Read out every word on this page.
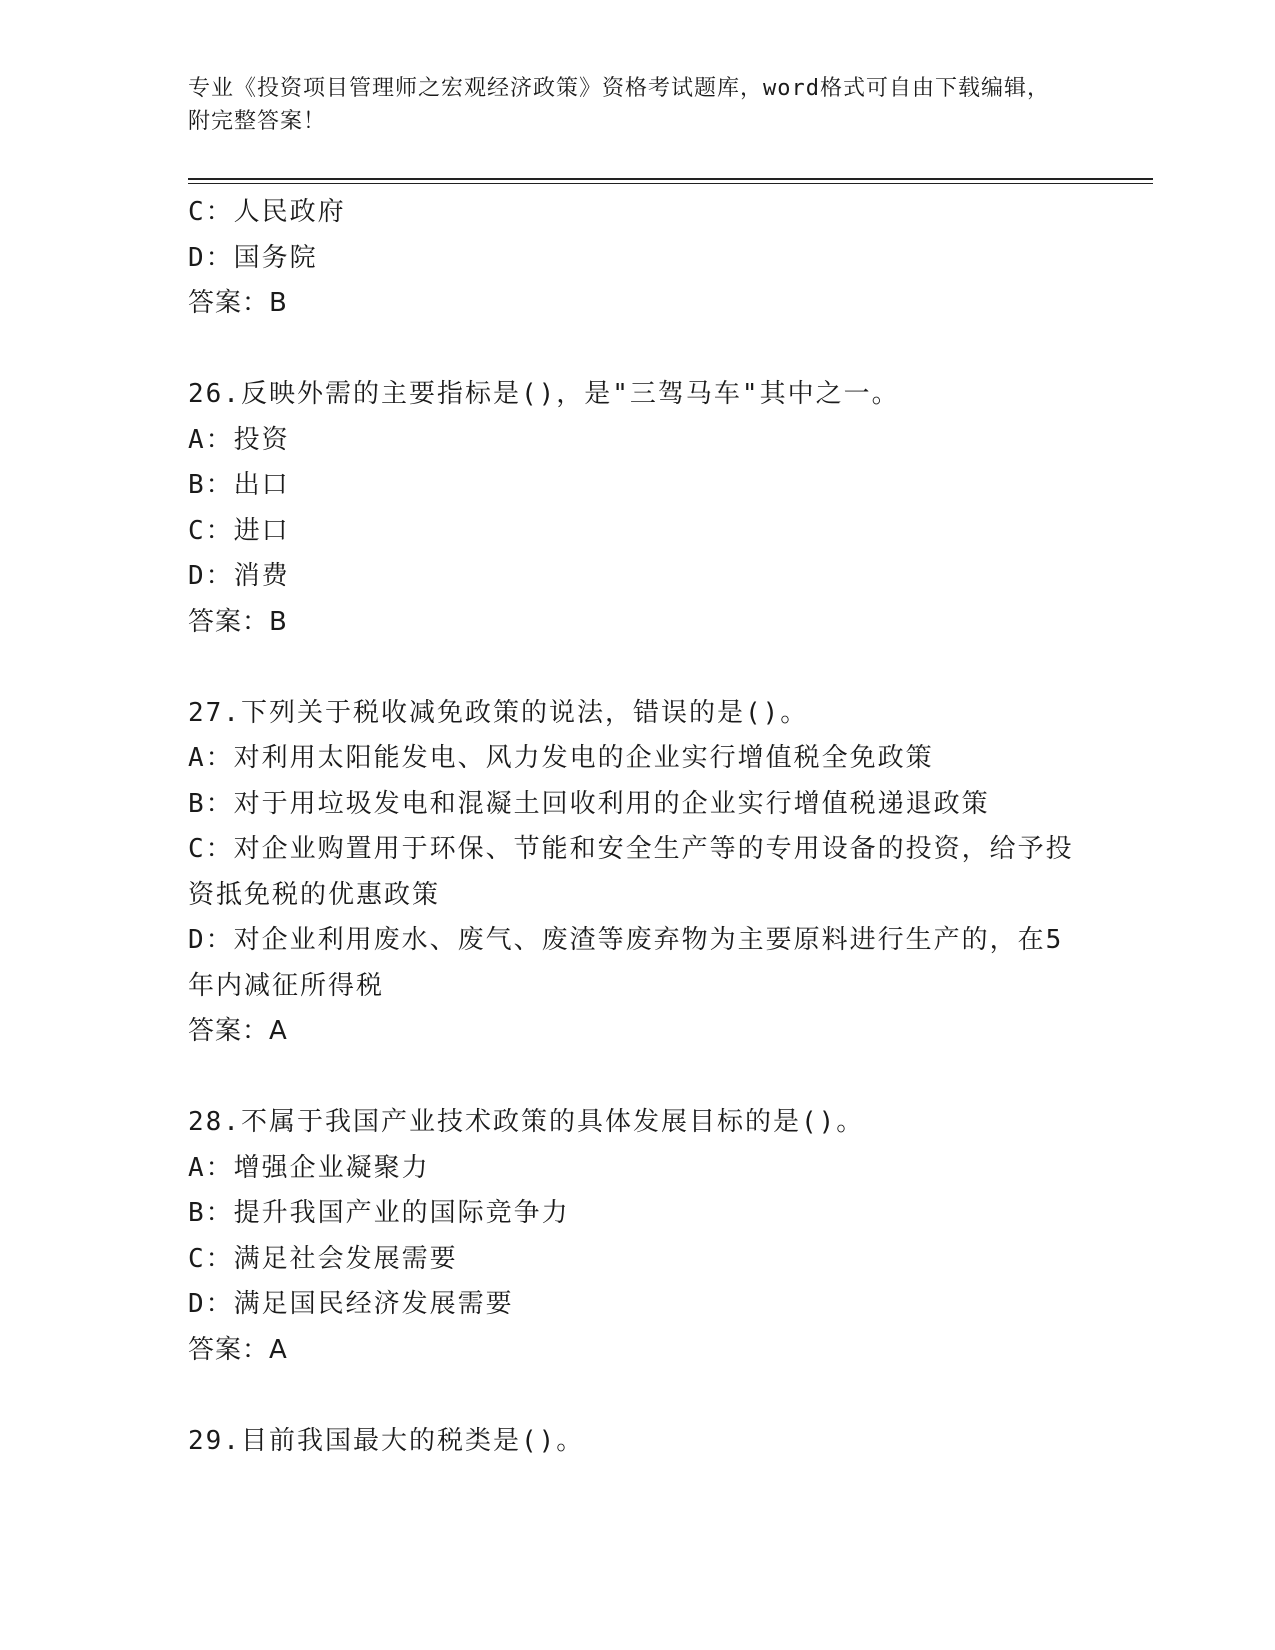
专业《投资项目管理师之宏观经济政策》资格考试题库，word格式可自由下载编辑，附完整答案！
C：人民政府
D：国务院
答案：B
26.反映外需的主要指标是()，是"三驾马车"其中之一。
A：投资
B：出口
C：进口
D：消费
答案：B
27.下列关于税收减免政策的说法，错误的是()。
A：对利用太阳能发电、风力发电的企业实行增值税全免政策
B：对于用垃圾发电和混凝土回收利用的企业实行增值税递退政策
C：对企业购置用于环保、节能和安全生产等的专用设备的投资，给予投资抵免税的优惠政策
D：对企业利用废水、废气、废渣等废弃物为主要原料进行生产的，在5年内减征所得税
答案：A
28.不属于我国产业技术政策的具体发展目标的是()。
A：增强企业凝聚力
B：提升我国产业的国际竞争力
C：满足社会发展需要
D：满足国民经济发展需要
答案：A
29.目前我国最大的税类是()。
